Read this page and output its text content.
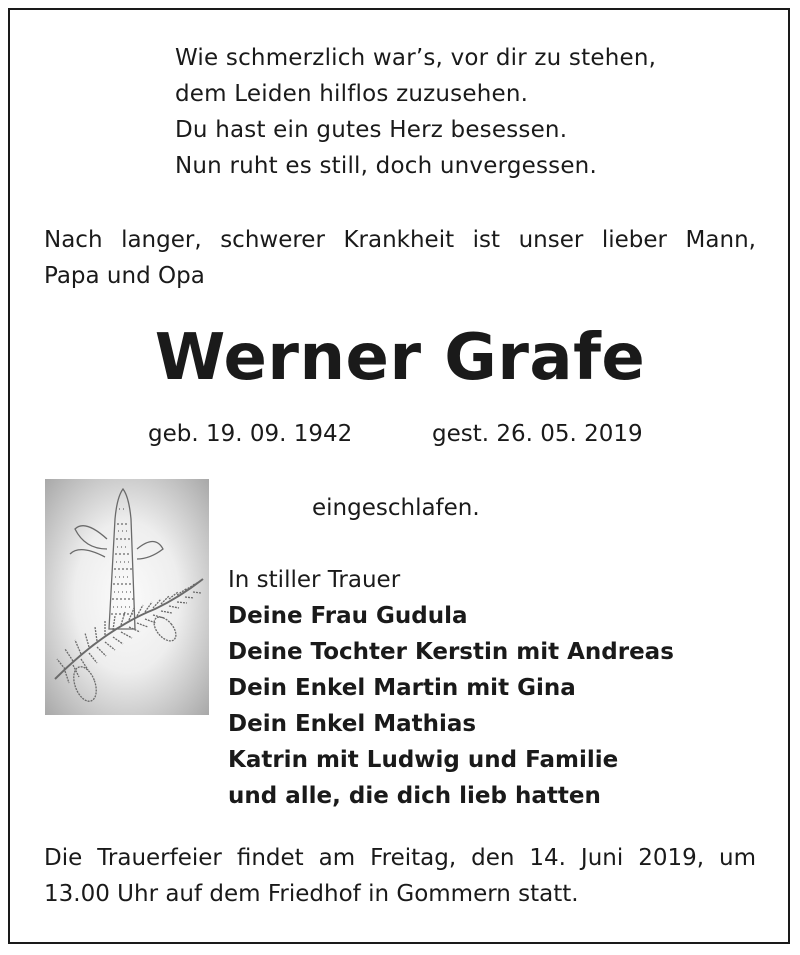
Wie schmerzlich war’s, vor dir zu stehen,
dem Leiden hilflos zuzusehen.
Du hast ein gutes Herz besessen.
Nun ruht es still, doch unvergessen.
Nach langer, schwerer Krankheit ist unser lieber Mann,
Papa und Opa
Werner Grafe
geb. 19. 09. 1942	gest. 26. 05. 2019
eingeschlafen.
In stiller Trauer
Deine Frau Gudula
Deine Tochter Kerstin mit Andreas
Dein Enkel Martin mit Gina
Dein Enkel Mathias
Katrin mit Ludwig und Familie
und alle, die dich lieb hatten
Die Trauerfeier findet am Freitag, den 14. Juni 2019, um
13.00 Uhr auf dem Friedhof in Gommern statt.
